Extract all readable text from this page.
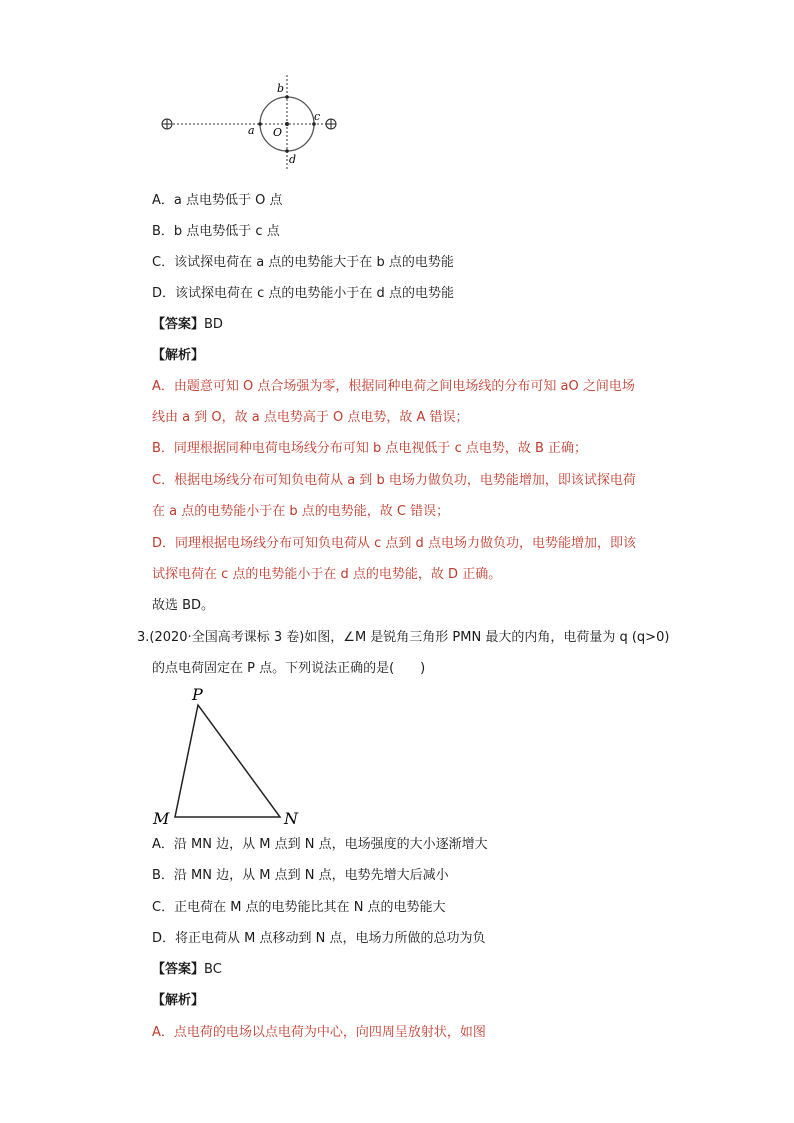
a
b
c
d
O
A．a 点电势低于 O 点
B．b 点电势低于 c 点
C．该试探电荷在 a 点的电势能大于在 b 点的电势能
D．该试探电荷在 c 点的电势能小于在 d 点的电势能
【答案】BD
【解析】
A．由题意可知 O 点合场强为零，根据同种电荷之间电场线的分布可知 aO 之间电场
线由 a 到 O，故 a 点电势高于 O 点电势，故 A 错误；
B．同理根据同种电荷电场线分布可知 b 点电视低于 c 点电势，故 B 正确；
C．根据电场线分布可知负电荷从 a 到 b 电场力做负功，电势能增加，即该试探电荷
在 a 点的电势能小于在 b 点的电势能，故 C 错误；
D．同理根据电场线分布可知负电荷从 c 点到 d 点电场力做负功，电势能增加，即该
试探电荷在 c 点的电势能小于在 d 点的电势能，故 D 正确。
故选 BD。
3.(2020·全国高考课标 3 卷)如图，∠M 是锐角三角形 PMN 最大的内角，电荷量为 q (q>0)
的点电荷固定在 P 点。下列说法正确的是(　　)
P
M	N
A．沿 MN 边，从 M 点到 N 点，电场强度的大小逐渐增大
B．沿 MN 边，从 M 点到 N 点，电势先增大后减小
C．正电荷在 M 点的电势能比其在 N 点的电势能大
D．将正电荷从 M 点移动到 N 点，电场力所做的总功为负
【答案】BC
【解析】
A．点电荷的电场以点电荷为中心，向四周呈放射状，如图
